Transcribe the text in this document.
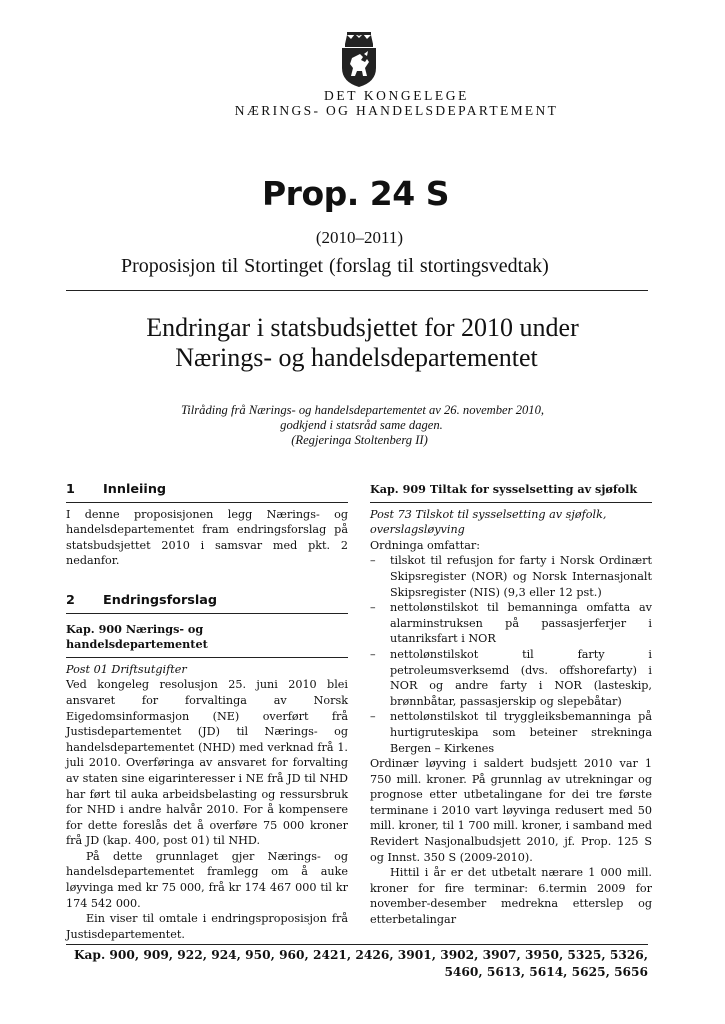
DET KONGELEGE
NÆRINGS- OG HANDELSDEPARTEMENT
Prop. 24 S
(2010–2011)
Proposisjon til Stortinget (forslag til stortingsvedtak)
Endringar i statsbudsjettet for 2010 under
Nærings- og handelsdepartementet
Tilråding frå Nærings- og handelsdepartementet av 26. november 2010,
godkjend i statsråd same dagen.
(Regjeringa Stoltenberg II)
1	Innleiing

I denne proposisjonen legg Nærings- og handelsdepartementet fram endringsforslag på statsbudsjettet 2010 i samsvar med pkt. 2 nedanfor.

2	Endringsforslag
Kap. 900 Nærings- og handelsdepartementet
Post 01 Driftsutgifter

Ved kongeleg resolusjon 25. juni 2010 blei ansvaret for forvaltinga av Norsk Eigedomsinformasjon (NE) overført frå Justisdepartementet (JD) til Nærings- og handelsdepartementet (NHD) med verknad frå 1. juli 2010. Overføringa av ansvaret for forvalting av staten sine eigarinteresser i NE frå JD til NHD har ført til auka arbeidsbelasting og ressursbruk for NHD i andre halvår 2010. For å kompensere for dette foreslås det å overføre 75 000 kroner frå JD (kap. 400, post 01) til NHD.

På dette grunnlaget gjer Nærings- og handelsdepartementet framlegg om å auke løyvinga med kr 75 000, frå kr 174 467 000 til kr 174 542 000.

Ein viser til omtale i endringsproposisjon frå Justisdepartementet.

Kap. 909 Tiltak for sysselsetting av sjøfolk
Post 73 Tilskot til sysselsetting av sjøfolk, overslagsløyving

Ordninga omfattar:

– tilskot til refusjon for farty i Norsk Ordinært Skipsregister (NOR) og Norsk Internasjonalt Skipsregister (NIS) (9,3 eller 12 pst.)
– nettolønstilskot til bemanninga omfatta av alarminstruksen på passasjerferjer i utanriksfart i NOR
– nettolønstilskot til farty i petroleumsverksemd (dvs. offshorefarty) i NOR og andre farty i NOR (lasteskip, brønnbåtar, passasjerskip og slepebåtar)
– nettolønstilskot til tryggleiksbemanninga på hurtigruteskipa som beteiner strekninga Bergen – Kirkenes

Ordinær løyving i saldert budsjett 2010 var 1 750 mill. kroner. På grunnlag av utrekningar og prognose etter utbetalingane for dei tre første terminane i 2010 vart løyvinga redusert med 50 mill. kroner, til 1 700 mill. kroner, i samband med Revidert Nasjonalbudsjett 2010, jf. Prop. 125 S og Innst. 350 S (2009-2010).

Hittil i år er det utbetalt nærare 1 000 mill. kroner for fire terminar: 6.termin 2009 for november-desember medrekna etterslep og etterbetalingar

Kap. 900, 909, 922, 924, 950, 960, 2421, 2426, 3901, 3902, 3907, 3950, 5325, 5326,
5460, 5613, 5614, 5625, 5656
